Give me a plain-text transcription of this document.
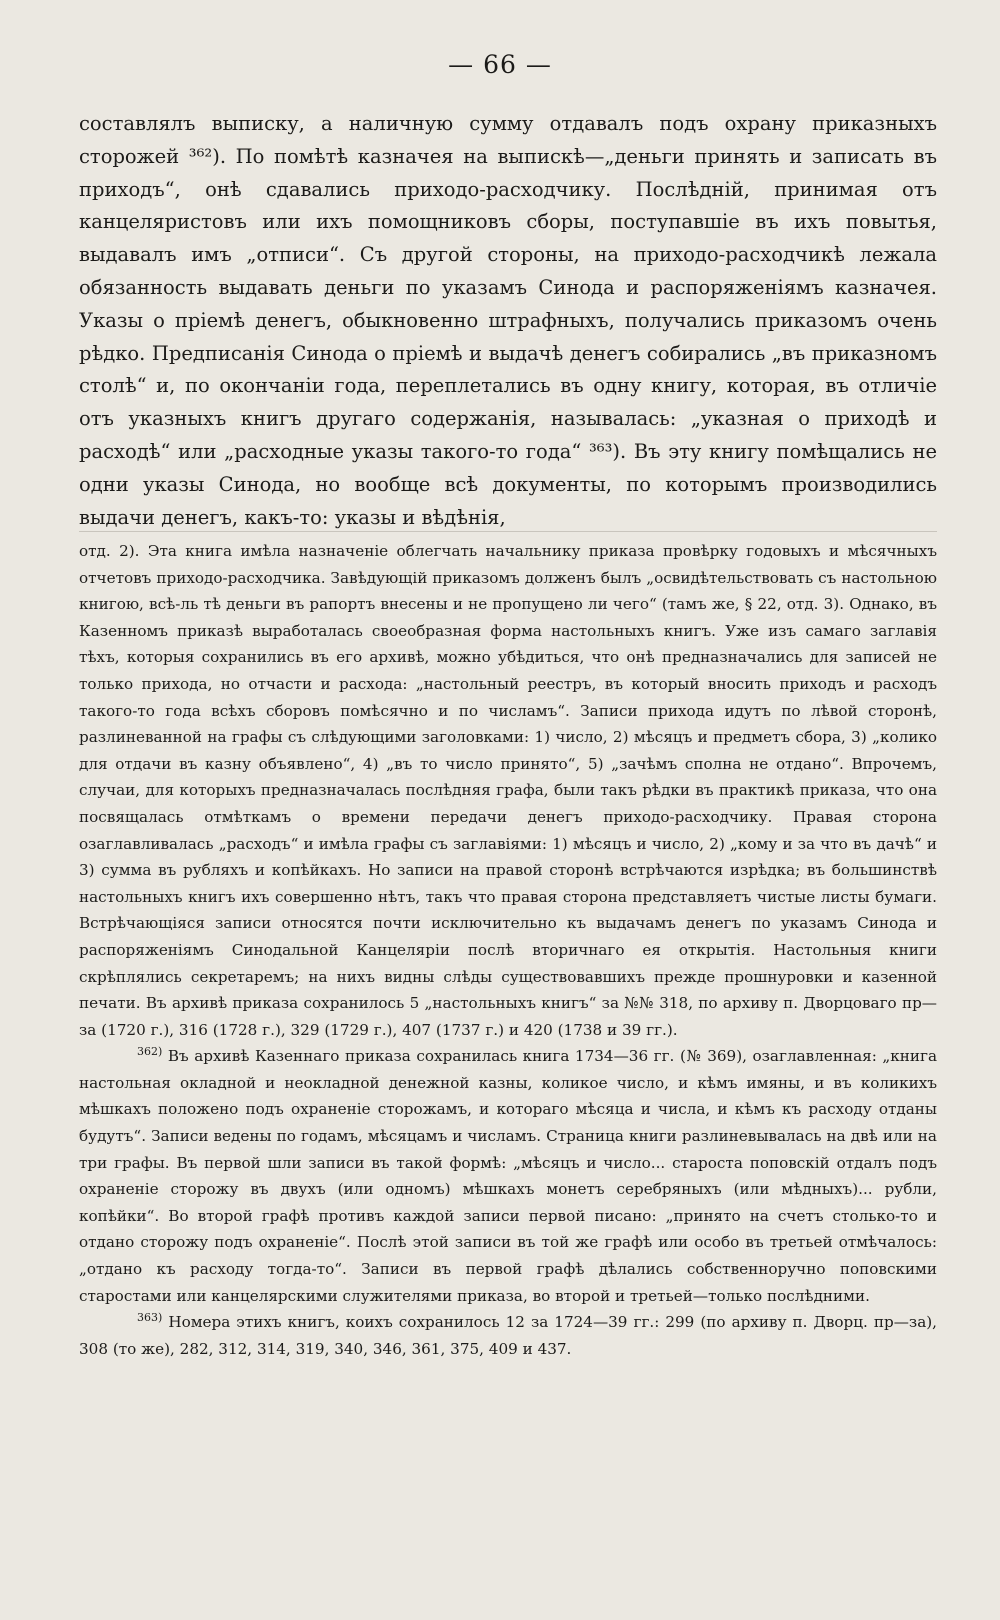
— 66 —

составлялъ выписку, а наличную сумму отдавалъ подъ охрану приказныхъ сторожей ³⁶²). По помѣтѣ казначея на выпискѣ—„деньги принять и записать въ приходъ“, онѣ сдавались приходо-расходчику. Послѣдній, принимая отъ канцеляристовъ или ихъ помощниковъ сборы, поступавшіе въ ихъ повытья, выдавалъ имъ „отписи“. Съ другой стороны, на приходо-расходчикѣ лежала обязанность выдавать деньги по указамъ Синода и распоряженіямъ казначея. Указы о пріемѣ денегъ, обыкновенно штрафныхъ, получались приказомъ очень рѣдко. Предписанія Синода о пріемѣ и выдачѣ денегъ собирались „въ приказномъ столѣ“ и, по окончаніи года, переплетались въ одну книгу, которая, въ отличіе отъ указныхъ книгъ другаго содержанія, называлась: „указная о приходѣ и расходѣ“ или „расходные указы такого-то года“ ³⁶³). Въ эту книгу помѣщались не одни указы Синода, но вообще всѣ документы, по которымъ производились выдачи денегъ, какъ-то: указы и вѣдѣнія,

отд. 2). Эта книга имѣла назначеніе облегчать начальнику приказа провѣрку годовыхъ и мѣсячныхъ отчетовъ приходо-расходчика. Завѣдующій приказомъ долженъ былъ „освидѣтельствовать съ настольною книгою, всѣ-ль тѣ деньги въ рапортъ внесены и не пропущено ли чего“ (тамъ же, § 22, отд. 3). Однако, въ Казенномъ приказѣ выработалась своеобразная форма настольныхъ книгъ. Уже изъ самаго заглавія тѣхъ, которыя сохранились въ его архивѣ, можно убѣдиться, что онѣ предназначались для записей не только прихода, но отчасти и расхода: „настольный реестръ, въ который вносить приходъ и расходъ такого-то года всѣхъ сборовъ помѣсячно и по числамъ“. Записи прихода идутъ по лѣвой сторонѣ, разлиневанной на графы съ слѣдующими заголовками: 1) число, 2) мѣсяцъ и предметъ сбора, 3) „колико для отдачи въ казну объявлено“, 4) „въ то число принято“, 5) „зачѣмъ сполна не отдано“. Впрочемъ, случаи, для которыхъ предназначалась послѣдняя графа, были такъ рѣдки въ практикѣ приказа, что она посвящалась отмѣткамъ о времени передачи денегъ приходо-расходчику. Правая сторона озаглавливалась „расходъ“ и имѣла графы съ заглавіями: 1) мѣсяцъ и число, 2) „кому и за что въ дачѣ“ и 3) сумма въ рубляхъ и копѣйкахъ. Но записи на правой сторонѣ встрѣчаются изрѣдка; въ большинствѣ настольныхъ книгъ ихъ совершенно нѣтъ, такъ что правая сторона представляетъ чистые листы бумаги. Встрѣчающіяся записи относятся почти исключительно къ выдачамъ денегъ по указамъ Синода и распоряженіямъ Синодальной Канцеляріи послѣ вторичнаго ея открытія. Настольныя книги скрѣплялись секретаремъ; на нихъ видны слѣды существовавшихъ прежде прошнуровки и казенной печати. Въ архивѣ приказа сохранилось 5 „настольныхъ книгъ“ за №№ 318, по архиву п. Дворцоваго пр—за (1720 г.), 316 (1728 г.), 329 (1729 г.), 407 (1737 г.) и 420 (1738 и 39 гг.).

$^{362)}$ Въ архивѣ Казеннаго приказа сохранилась книга 1734—36 гг. (№ 369), озаглавленная: „книга настольная окладной и неокладной денежной казны, коликое число, и кѣмъ имяны, и въ коликихъ мѣшкахъ положено подъ охраненіе сторожамъ, и котораго мѣсяца и числа, и кѣмъ къ расходу отданы будутъ“. Записи ведены по годамъ, мѣсяцамъ и числамъ. Страница книги разлиневывалась на двѣ или на три графы. Въ первой шли записи въ такой формѣ: „мѣсяцъ и число... староста поповскій отдалъ подъ охраненіе сторожу въ двухъ (или одномъ) мѣшкахъ монетъ серебряныхъ (или мѣдныхъ)... рубли, копѣйки“. Во второй графѣ противъ каждой записи первой писано: „принято на счетъ столько-то и отдано сторожу подъ охраненіе“. Послѣ этой записи въ той же графѣ или особо въ третьей отмѣчалось: „отдано къ расходу тогда-то“. Записи въ первой графѣ дѣлались собственноручно поповскими старостами или канцелярскими служителями приказа, во второй и третьей—только послѣдними.

$^{363)}$ Номера этихъ книгъ, коихъ сохранилось 12 за 1724—39 гг.: 299 (по архиву п. Дворц. пр—за), 308 (то же), 282, 312, 314, 319, 340, 346, 361, 375, 409 и 437.
